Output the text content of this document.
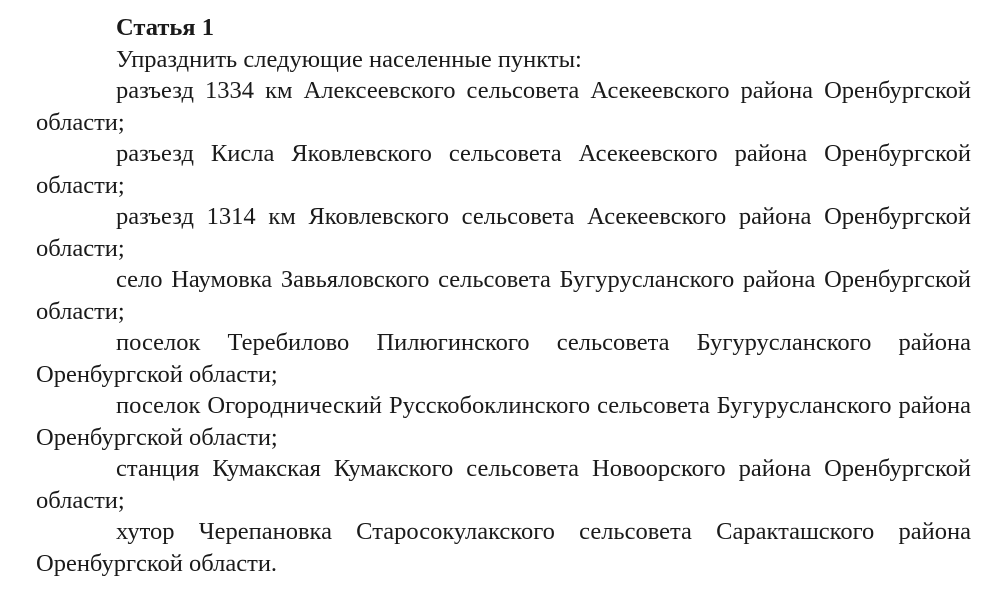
Статья 1

Упразднить следующие населенные пункты:

разъезд 1334 км Алексеевского сельсовета Асекеевского района Оренбургской области;

разъезд Кисла Яковлевского сельсовета Асекеевского района Оренбургской области;

разъезд 1314 км Яковлевского сельсовета Асекеевского района Оренбургской области;

село Наумовка Завьяловского сельсовета Бугурусланского района Оренбургской области;

поселок Теребилово Пилюгинского сельсовета Бугурусланского района Оренбургской области;

поселок Огороднический Русскобоклинского сельсовета Бугурусланского района Оренбургской области;

станция Кумакская Кумакского сельсовета Новоорского района Оренбургской области;

хутор Черепановка Старосокулакского сельсовета Саракташского района Оренбургской области.
